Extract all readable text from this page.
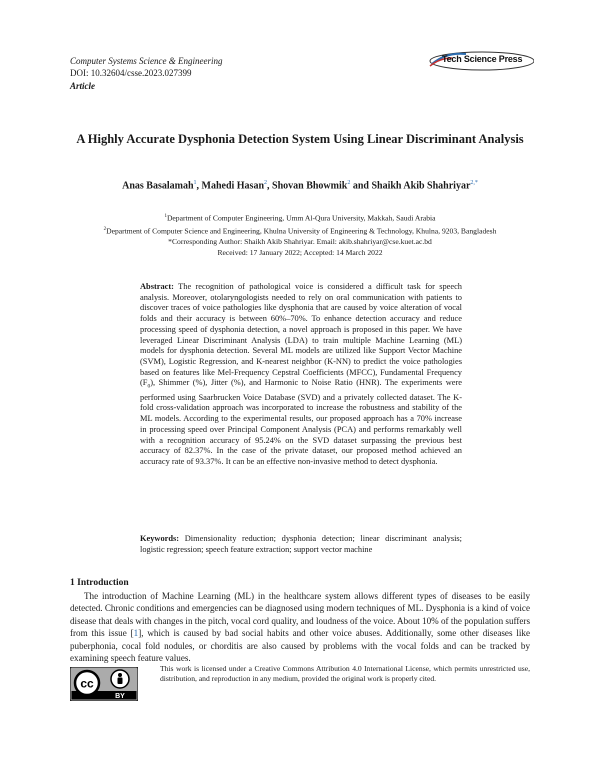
Computer Systems Science & Engineering
DOI: 10.32604/csse.2023.027399
Article
Tech Science Press
A Highly Accurate Dysphonia Detection System Using Linear Discriminant Analysis
Anas Basalamah$^1$, Mahedi Hasan$^2$, Shovan Bhowmik$^2$ and Shaikh Akib Shahriyar$^{2,*}$
$^1$Department of Computer Engineering, Umm Al-Qura University, Makkah, Saudi Arabia
$^2$Department of Computer Science and Engineering, Khulna University of Engineering & Technology, Khulna, 9203, Bangladesh
*Corresponding Author: Shaikh Akib Shahriyar. Email: akib.shahriyar@cse.kuet.ac.bd
Received: 17 January 2022; Accepted: 14 March 2022
Abstract: The recognition of pathological voice is considered a difficult task for speech analysis. Moreover, otolaryngologists needed to rely on oral communication with patients to discover traces of voice pathologies like dysphonia that are caused by voice alteration of vocal folds and their accuracy is between 60%–70%. To enhance detection accuracy and reduce processing speed of dysphonia detection, a novel approach is proposed in this paper. We have leveraged Linear Discriminant Analysis (LDA) to train multiple Machine Learning (ML) models for dysphonia detection. Several ML models are utilized like Support Vector Machine (SVM), Logistic Regression, and K-nearest neighbor (K-NN) to predict the voice pathologies based on features like Mel-Frequency Cepstral Coefficients (MFCC), Fundamental Frequency $(F_0)$, Shimmer (%), Jitter (%), and Harmonic to Noise Ratio (HNR). The experiments were performed using Saarbrucken Voice Database (SVD) and a privately collected dataset. The K-fold cross-validation approach was incorporated to increase the robustness and stability of the ML models. According to the experimental results, our proposed approach has a 70% increase in processing speed over Principal Component Analysis (PCA) and performs remarkably well with a recognition accuracy of 95.24% on the SVD dataset surpassing the previous best accuracy of 82.37%. In the case of the private dataset, our proposed method achieved an accuracy rate of 93.37%. It can be an effective non-invasive method to detect dysphonia.
Keywords: Dimensionality reduction; dysphonia detection; linear discriminant analysis; logistic regression; speech feature extraction; support vector machine
1 Introduction
The introduction of Machine Learning (ML) in the healthcare system allows different types of diseases to be easily detected. Chronic conditions and emergencies can be diagnosed using modern techniques of ML. Dysphonia is a kind of voice disease that deals with changes in the pitch, vocal cord quality, and loudness of the voice. About 10% of the population suffers from this issue [1], which is caused by bad social habits and other voice abuses. Additionally, some other diseases like puberphonia, cocal fold nodules, or chorditis are also caused by problems with the vocal folds and can be tracked by examining speech feature values.
cc
BY
This work is licensed under a Creative Commons Attribution 4.0 International License, which permits unrestricted use, distribution, and reproduction in any medium, provided the original work is properly cited.
